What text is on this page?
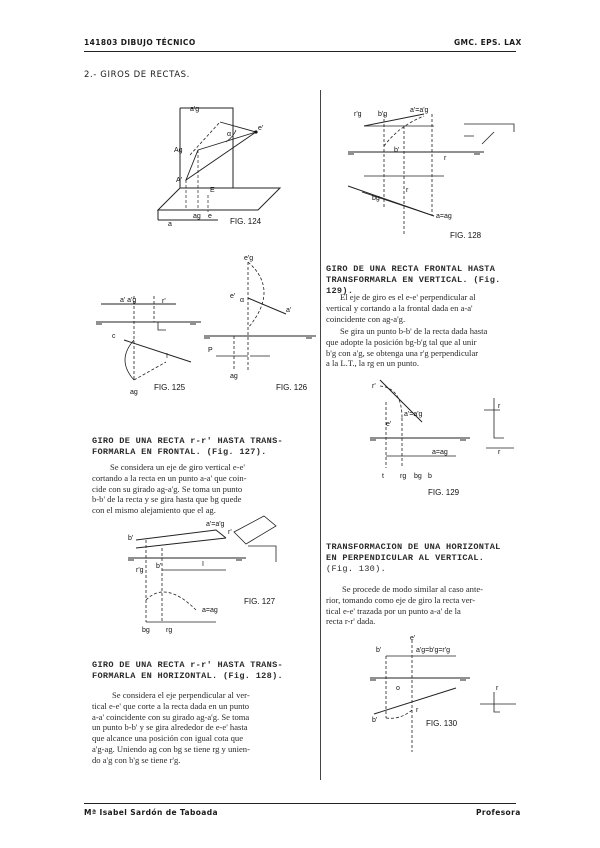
141803 DIBUJO TÉCNICO	GMC. EPS. LAX
2.- GIROS DE RECTAS.
a'g
e'
α
Ag
A'
E
a
ag e
FIG. 124
a' a'g	r'
c
I
ag
FIG. 125
e'g
e'
α
a'
P
ag
FIG. 126
b'
a'=a'g
r'
r'g
b'	I
a=ag
bg rg
FIG. 127
r'g b'g
a'=a'g
b'
r
bg
r
a=ag
FIG. 128
r'
a'=a'g
e'
a=ag
t rg bg b
r
r
FIG. 129
b'
e'
a'g=b'g=r'g
o
b'
r
r
FIG. 130
GIRO DE UNA RECTA r-r' HASTA TRANS-
FORMARLA EN FRONTAL. (Fig. 127).
Se considera un eje de giro vertical e-e'
cortando a la recta en un punto a-a' que coin-
cide con su girado ag-a'g. Se toma un punto
b-b' de la recta y se gira hasta que bg quede
con el mismo alejamiento que el ag.
GIRO DE UNA RECTA r-r' HASTA TRANS-
FORMARLA EN HORIZONTAL. (Fig. 128).
Se considera el eje perpendicular al ver-
tical e-e' que corte a la recta dada en un punto
a-a' coincidente con su girado ag-a'g. Se toma
un punto b-b' y se gira alrededor de e-e' hasta
que alcance una posición con igual cota que
a'g-ag. Uniendo ag con bg se tiene rg y unien-
do a'g con b'g se tiene r'g.
GIRO DE UNA RECTA FRONTAL HASTA
TRANSFORMARLA EN VERTICAL. (Fig. 129).
El eje de giro es el e-e' perpendicular al
vertical y cortando a la frontal dada en a-a'
coincidente con ag-a'g.
Se gira un punto b-b' de la recta dada hasta
que adopte la posición bg-b'g tal que al unir
b'g con a'g, se obtenga una r'g perpendicular
a la L.T., la rg en un punto.
TRANSFORMACION DE UNA HORIZONTAL
EN PERPENDICULAR AL VERTICAL.
(Fig. 130).
Se procede de modo similar al caso ante-
rior, tomando como eje de giro la recta ver-
tical e-e' trazada por un punto a-a' de la
recta r-r' dada.
Mª Isabel Sardón de Taboada	Profesora
